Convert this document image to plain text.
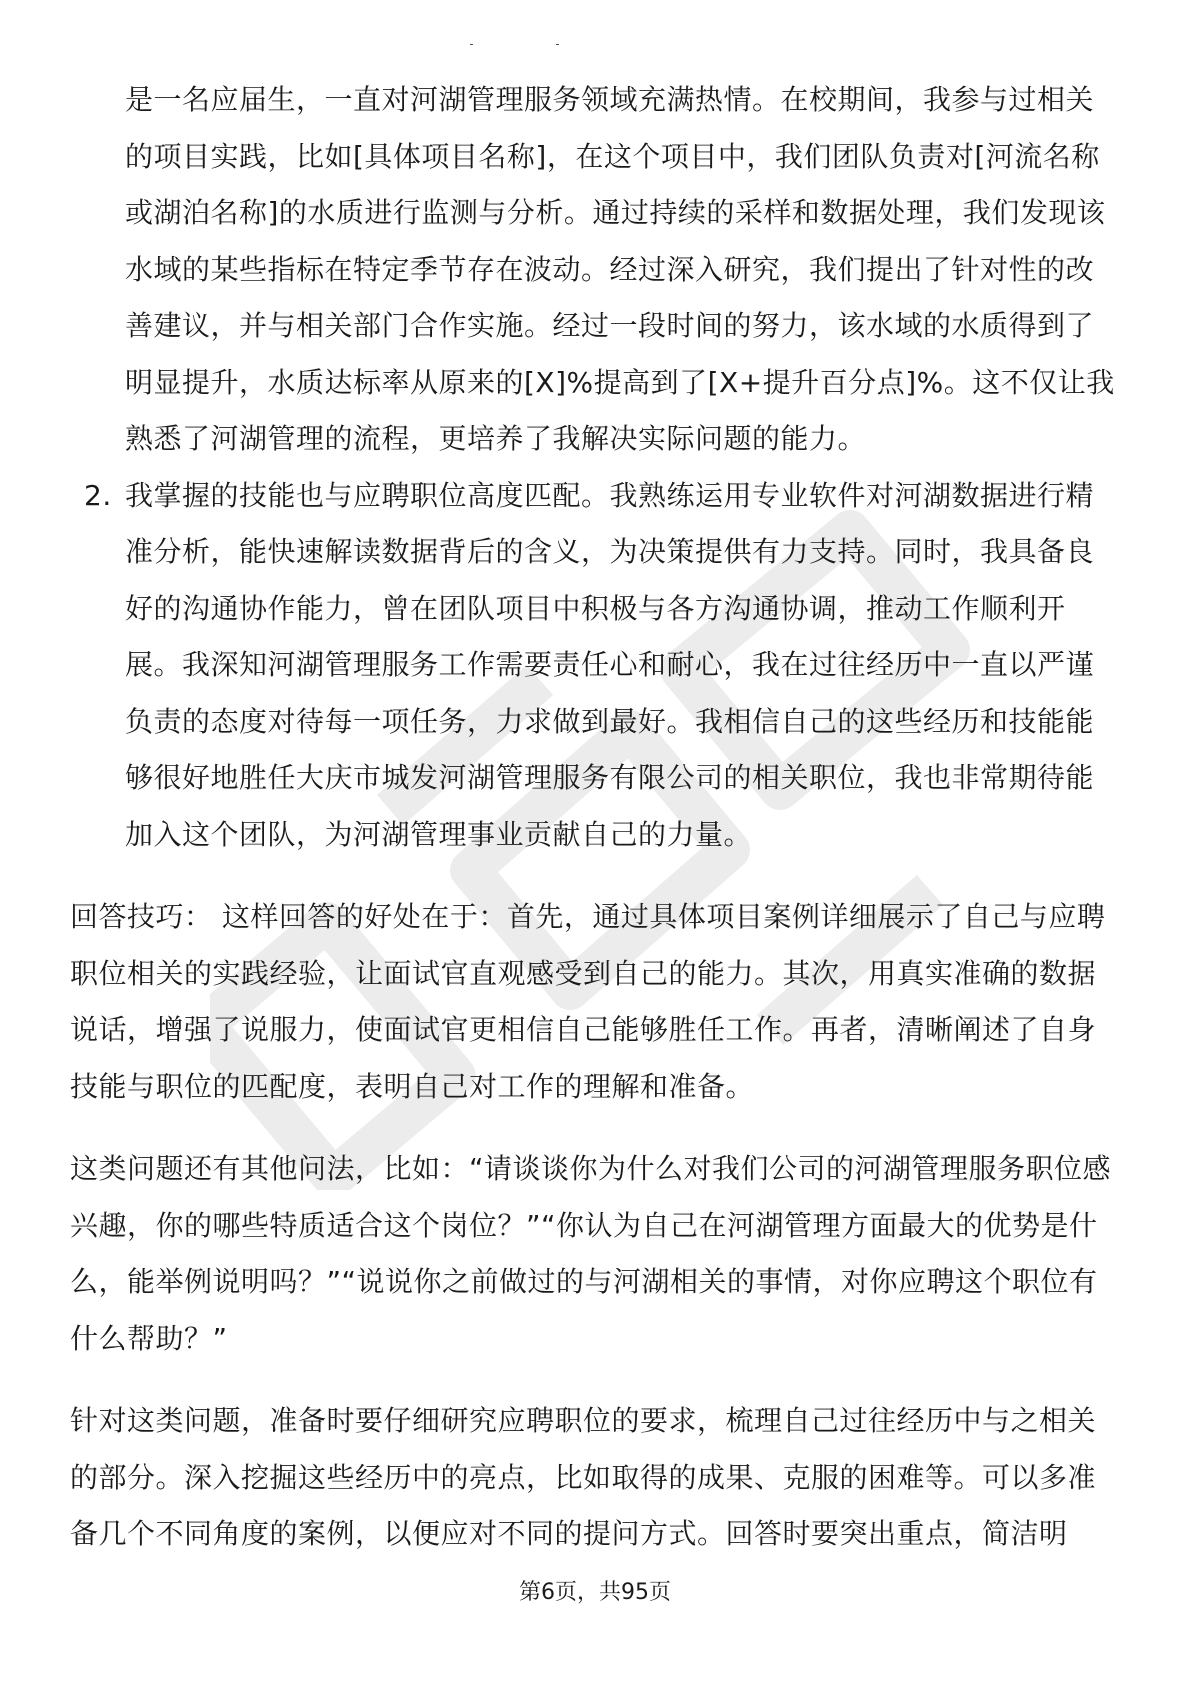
是一名应届生，一直对河湖管理服务领域充满热情。在校期间，我参与过相关的项目实践，比如[具体项目名称]，在这个项目中，我们团队负责对[河流名称或湖泊名称]的水质进行监测与分析。通过持续的采样和数据处理，我们发现该水域的某些指标在特定季节存在波动。经过深入研究，我们提出了针对性的改善建议，并与相关部门合作实施。经过一段时间的努力，该水域的水质得到了明显提升，水质达标率从原来的[X]%提高到了[X+提升百分点]%。这不仅让我熟悉了河湖管理的流程，更培养了我解决实际问题的能力。
2. 我掌握的技能也与应聘职位高度匹配。我熟练运用专业软件对河湖数据进行精准分析，能快速解读数据背后的含义，为决策提供有力支持。同时，我具备良好的沟通协作能力，曾在团队项目中积极与各方沟通协调，推动工作顺利开展。我深知河湖管理服务工作需要责任心和耐心，我在过往经历中一直以严谨负责的态度对待每一项任务，力求做到最好。我相信自己的这些经历和技能能够很好地胜任大庆市城发河湖管理服务有限公司的相关职位，我也非常期待能加入这个团队，为河湖管理事业贡献自己的力量。
回答技巧： 这样回答的好处在于：首先，通过具体项目案例详细展示了自己与应聘职位相关的实践经验，让面试官直观感受到自己的能力。其次，用真实准确的数据说话，增强了说服力，使面试官更相信自己能够胜任工作。再者，清晰阐述了自身技能与职位的匹配度，表明自己对工作的理解和准备。
这类问题还有其他问法，比如：“请谈谈你为什么对我们公司的河湖管理服务职位感兴趣，你的哪些特质适合这个岗位？”“你认为自己在河湖管理方面最大的优势是什么，能举例说明吗？”“说说你之前做过的与河湖相关的事情，对你应聘这个职位有什么帮助？”
针对这类问题，准备时要仔细研究应聘职位的要求，梳理自己过往经历中与之相关的部分。深入挖掘这些经历中的亮点，比如取得的成果、克服的困难等。可以多准备几个不同角度的案例，以便应对不同的提问方式。回答时要突出重点，简洁明
第6页，共95页
